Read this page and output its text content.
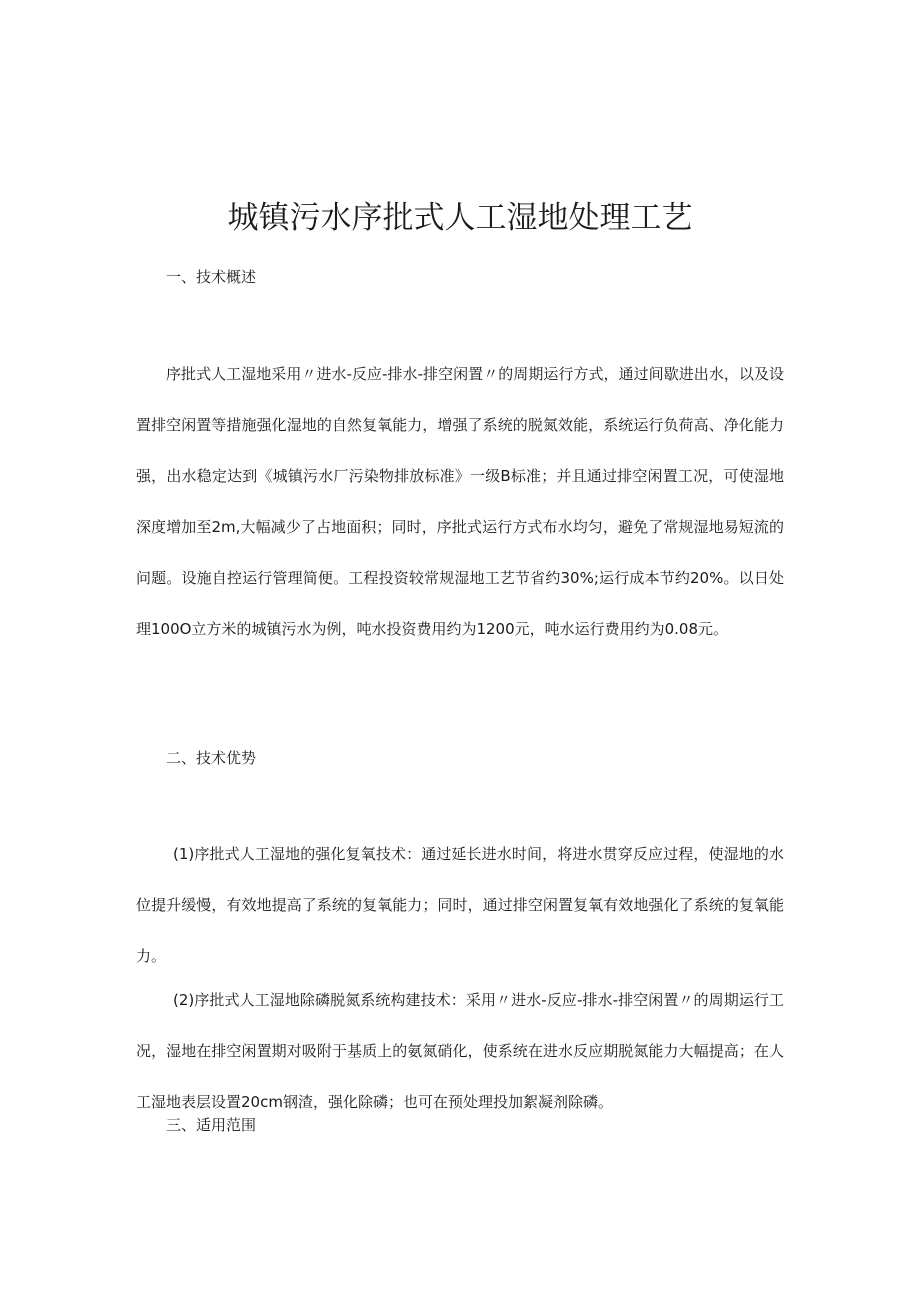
城镇污水序批式人工湿地处理工艺
一、技术概述

序批式人工湿地采用〃进水-反应-排水-排空闲置〃的周期运行方式，通过间歇进出水，以及设置排空闲置等措施强化湿地的自然复氧能力，增强了系统的脱氮效能，系统运行负荷高、净化能力强，出水稳定达到《城镇污水厂污染物排放标准》一级B标准；并且通过排空闲置工况，可使湿地深度增加至2m,大幅减少了占地面积；同时，序批式运行方式布水均匀，避免了常规湿地易短流的问题。设施自控运行管理简便。工程投资较常规湿地工艺节省约30%;运行成本节约20%。以日处理100O立方米的城镇污水为例，吨水投资费用约为1200元，吨水运行费用约为0.08元。

二、技术优势

(1)序批式人工湿地的强化复氧技术：通过延长进水时间，将进水贯穿反应过程，使湿地的水位提升缓慢，有效地提高了系统的复氧能力；同时，通过排空闲置复氧有效地强化了系统的复氧能力。

(2)序批式人工湿地除磷脱氮系统构建技术：采用〃进水-反应-排水-排空闲置〃的周期运行工况，湿地在排空闲置期对吸附于基质上的氨氮硝化，使系统在进水反应期脱氮能力大幅提高；在人工湿地表层设置20cm钢渣，强化除磷；也可在预处理投加絮凝剂除磷。

三、适用范围
